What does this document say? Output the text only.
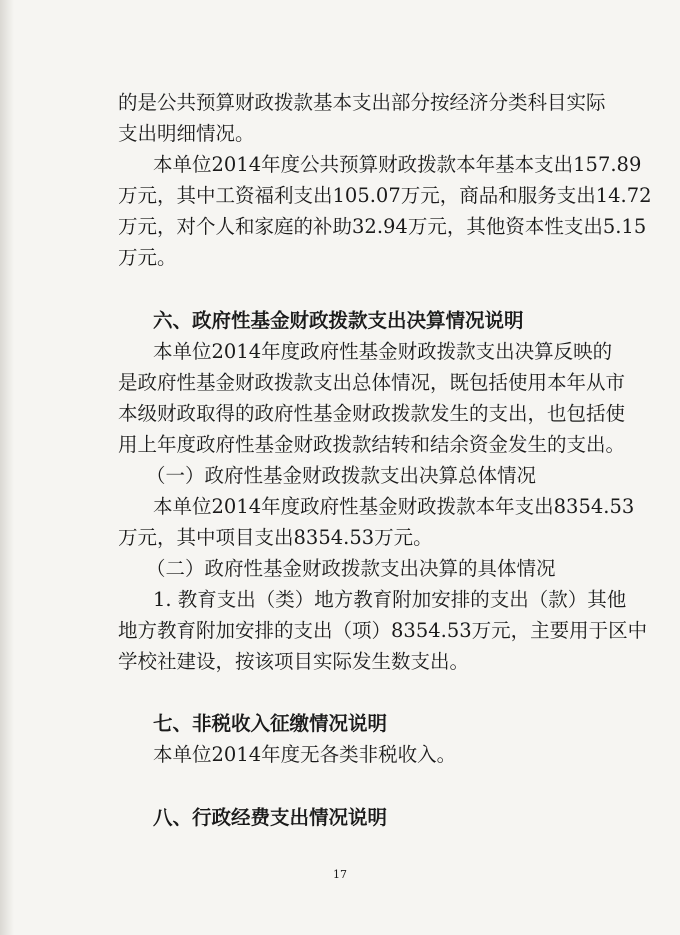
的是公共预算财政拨款基本支出部分按经济分类科目实际
支出明细情况。
本单位2014年度公共预算财政拨款本年基本支出157.89
万元，其中工资福利支出105.07万元，商品和服务支出14.72
万元，对个人和家庭的补助32.94万元，其他资本性支出5.15
万元。
六、政府性基金财政拨款支出决算情况说明
本单位2014年度政府性基金财政拨款支出决算反映的
是政府性基金财政拨款支出总体情况，既包括使用本年从市
本级财政取得的政府性基金财政拨款发生的支出，也包括使
用上年度政府性基金财政拨款结转和结余资金发生的支出。
（一）政府性基金财政拨款支出决算总体情况
本单位2014年度政府性基金财政拨款本年支出8354.53
万元，其中项目支出8354.53万元。
（二）政府性基金财政拨款支出决算的具体情况
1. 教育支出（类）地方教育附加安排的支出（款）其他
地方教育附加安排的支出（项）8354.53万元，主要用于区中
学校社建设，按该项目实际发生数支出。
七、非税收入征缴情况说明
本单位2014年度无各类非税收入。
八、行政经费支出情况说明
17
